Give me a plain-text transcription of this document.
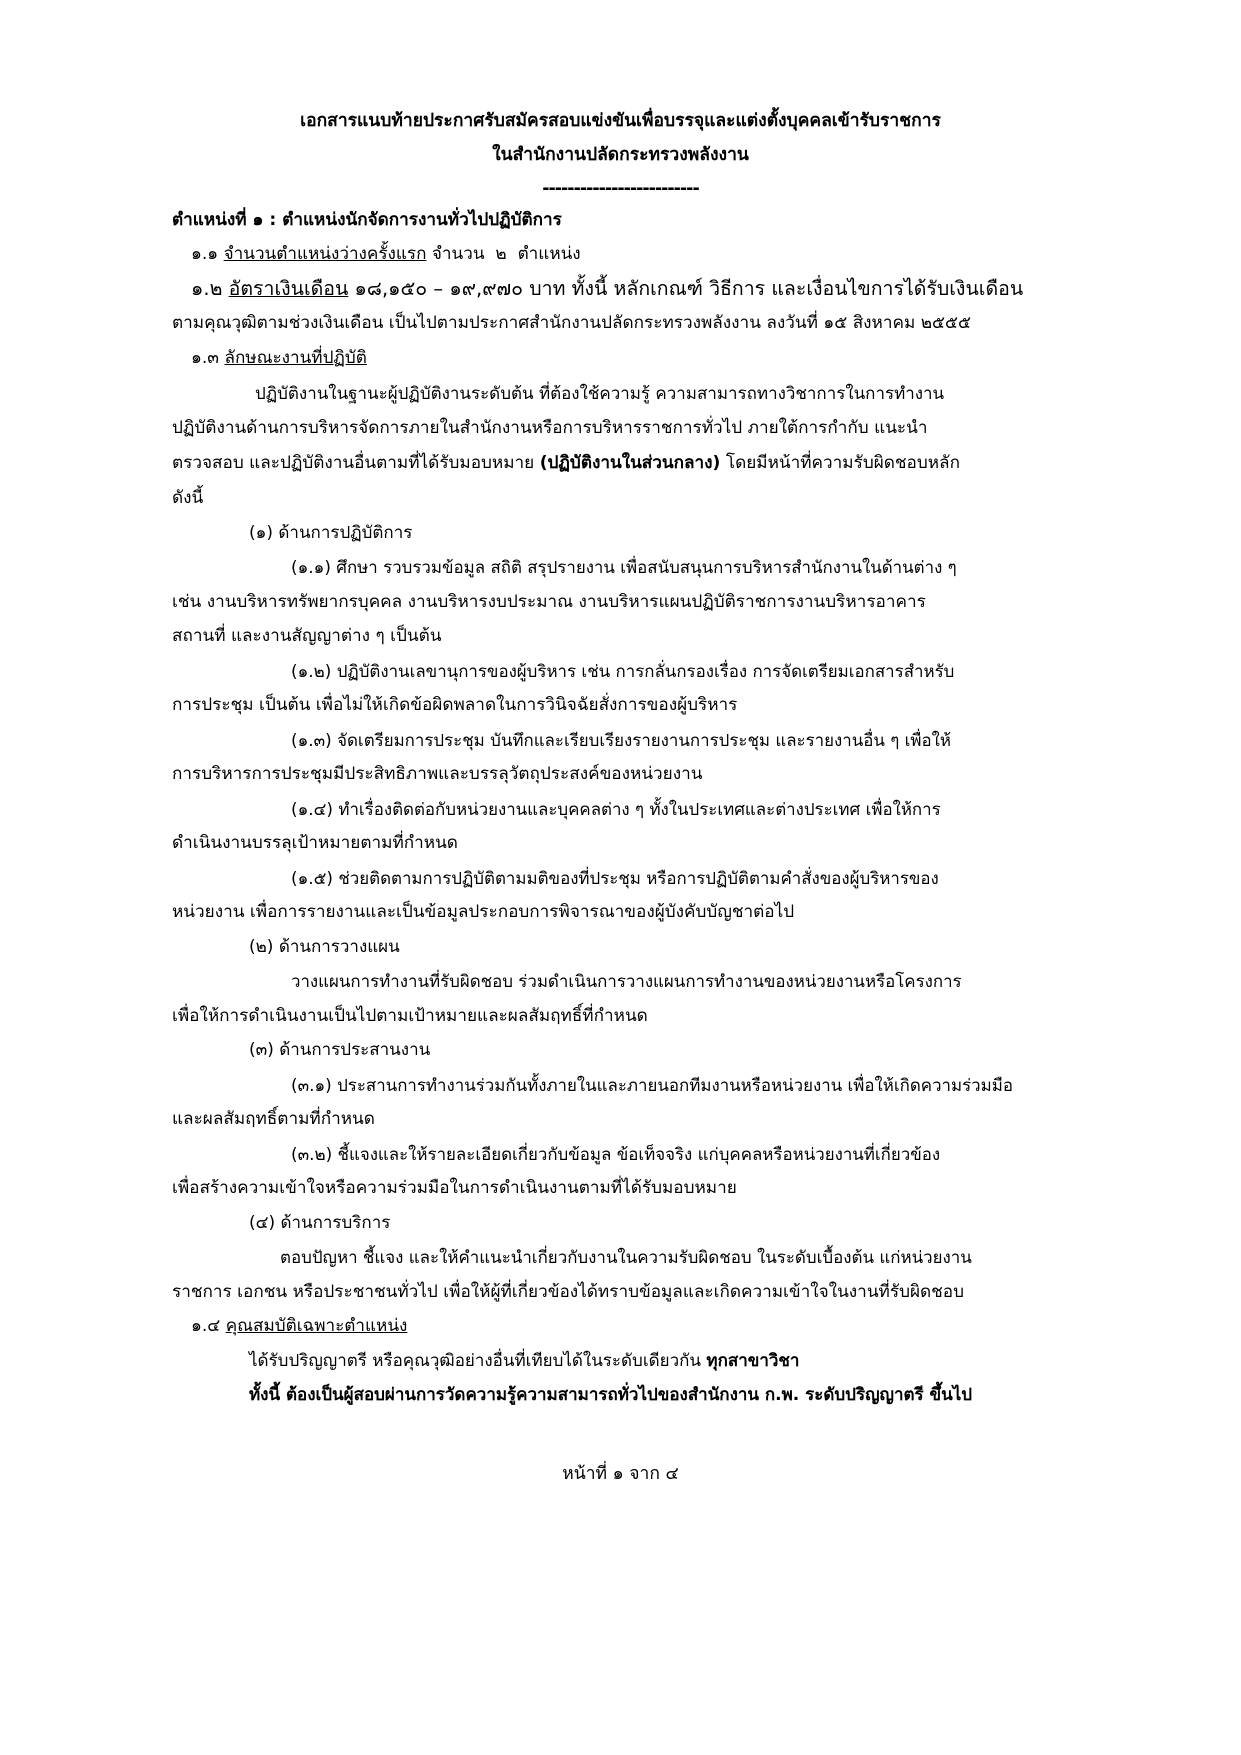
เอกสารแนบท้ายประกาศรับสมัครสอบแข่งขันเพื่อบรรจุและแต่งตั้งบุคคลเข้ารับราชการ
ในสำนักงานปลัดกระทรวงพลังงาน
-------------------------
ตำแหน่งที่ ๑ : ตำแหน่งนักจัดการงานทั่วไปปฏิบัติการ
๑.๑ จำนวนตำแหน่งว่างครั้งแรก จำนวน  ๒  ตำแหน่ง
๑.๒ อัตราเงินเดือน ๑๘,๑๕๐ – ๑๙,๙๗๐ บาท ทั้งนี้ หลักเกณฑ์ วิธีการ และเงื่อนไขการได้รับเงินเดือน
ตามคุณวุฒิตามช่วงเงินเดือน เป็นไปตามประกาศสำนักงานปลัดกระทรวงพลังงาน ลงวันที่ ๑๕ สิงหาคม ๒๕๕๕
๑.๓ ลักษณะงานที่ปฏิบัติ
ปฏิบัติงานในฐานะผู้ปฏิบัติงานระดับต้น ที่ต้องใช้ความรู้ ความสามารถทางวิชาการในการทำงาน
ปฏิบัติงานด้านการบริหารจัดการภายในสำนักงานหรือการบริหารราชการทั่วไป ภายใต้การกำกับ แนะนำ
ตรวจสอบ และปฏิบัติงานอื่นตามที่ได้รับมอบหมาย (ปฏิบัติงานในส่วนกลาง) โดยมีหน้าที่ความรับผิดชอบหลัก
ดังนี้
(๑) ด้านการปฏิบัติการ
(๑.๑) ศึกษา รวบรวมข้อมูล สถิติ สรุปรายงาน เพื่อสนับสนุนการบริหารสำนักงานในด้านต่าง ๆ
เช่น งานบริหารทรัพยากรบุคคล งานบริหารงบประมาณ งานบริหารแผนปฏิบัติราชการงานบริหารอาคาร
สถานที่ และงานสัญญาต่าง ๆ เป็นต้น
(๑.๒) ปฏิบัติงานเลขานุการของผู้บริหาร เช่น การกลั่นกรองเรื่อง การจัดเตรียมเอกสารสำหรับ
การประชุม เป็นต้น เพื่อไม่ให้เกิดข้อผิดพลาดในการวินิจฉัยสั่งการของผู้บริหาร
(๑.๓) จัดเตรียมการประชุม บันทึกและเรียบเรียงรายงานการประชุม และรายงานอื่น ๆ เพื่อให้
การบริหารการประชุมมีประสิทธิภาพและบรรลุวัตถุประสงค์ของหน่วยงาน
(๑.๔) ทำเรื่องติดต่อกับหน่วยงานและบุคคลต่าง ๆ ทั้งในประเทศและต่างประเทศ เพื่อให้การ
ดำเนินงานบรรลุเป้าหมายตามที่กำหนด
(๑.๕) ช่วยติดตามการปฏิบัติตามมติของที่ประชุม หรือการปฏิบัติตามคำสั่งของผู้บริหารของ
หน่วยงาน เพื่อการรายงานและเป็นข้อมูลประกอบการพิจารณาของผู้บังคับบัญชาต่อไป
(๒) ด้านการวางแผน
วางแผนการทำงานที่รับผิดชอบ ร่วมดำเนินการวางแผนการทำงานของหน่วยงานหรือโครงการ
เพื่อให้การดำเนินงานเป็นไปตามเป้าหมายและผลสัมฤทธิ์ที่กำหนด
(๓) ด้านการประสานงาน
(๓.๑) ประสานการทำงานร่วมกันทั้งภายในและภายนอกทีมงานหรือหน่วยงาน เพื่อให้เกิดความร่วมมือ
และผลสัมฤทธิ์ตามที่กำหนด
(๓.๒) ชี้แจงและให้รายละเอียดเกี่ยวกับข้อมูล ข้อเท็จจริง แก่บุคคลหรือหน่วยงานที่เกี่ยวข้อง
เพื่อสร้างความเข้าใจหรือความร่วมมือในการดำเนินงานตามที่ได้รับมอบหมาย
(๔) ด้านการบริการ
ตอบปัญหา ชี้แจง และให้คำแนะนำเกี่ยวกับงานในความรับผิดชอบ ในระดับเบื้องต้น แก่หน่วยงาน
ราชการ เอกชน หรือประชาชนทั่วไป เพื่อให้ผู้ที่เกี่ยวข้องได้ทราบข้อมูลและเกิดความเข้าใจในงานที่รับผิดชอบ
๑.๔ คุณสมบัติเฉพาะตำแหน่ง
ได้รับปริญญาตรี หรือคุณวุฒิอย่างอื่นที่เทียบได้ในระดับเดียวกัน ทุกสาขาวิชา
ทั้งนี้ ต้องเป็นผู้สอบผ่านการวัดความรู้ความสามารถทั่วไปของสำนักงาน ก.พ. ระดับปริญญาตรี ขึ้นไป
หน้าที่ ๑ จาก ๔
